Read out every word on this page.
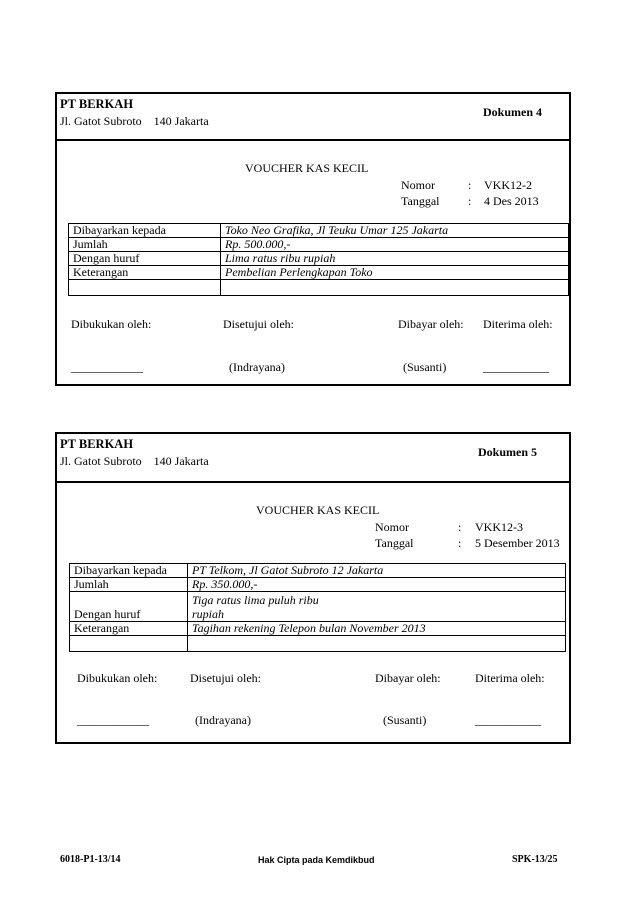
PT BERKAH
Jl. Gatot Subroto    140 Jakarta
Dokumen 4
VOUCHER KAS KECIL
Nomor	: VKK12-2
Tanggal : 4 Des 2013
Dibayarkan kepada	Toko Neo Grafika, Jl Teuku Umar 125 Jakarta
Jumlah	Rp. 500.000,-
Dengan huruf	Lima ratus ribu rupiah
Keterangan	Pembelian Perlengkapan Toko

Dibukukan oleh:	Disetujui oleh:	Dibayar oleh: Diterima oleh:
____________	(Indrayana)	(Susanti)	___________
PT BERKAH
Jl. Gatot Subroto    140 Jakarta
Dokumen 5
VOUCHER KAS KECIL
Nomor	: VKK12-3
Tanggal	: 5 Desember 2013
Dibayarkan kepada	PT Telkom, Jl Gatot Subroto 12 Jakarta
Jumlah	Rp. 350.000,-
Dengan huruf	Tiga ratus lima puluh ribu
rupiah

Keterangan	Tagihan rekening Telepon bulan November 2013

Dibukukan oleh:	Disetujui oleh:	Dibayar oleh:	Diterima oleh:
____________	(Indrayana)	(Susanti)	___________
6018-P1-13/14	Hak Cipta pada Kemdikbud	SPK-13/25
